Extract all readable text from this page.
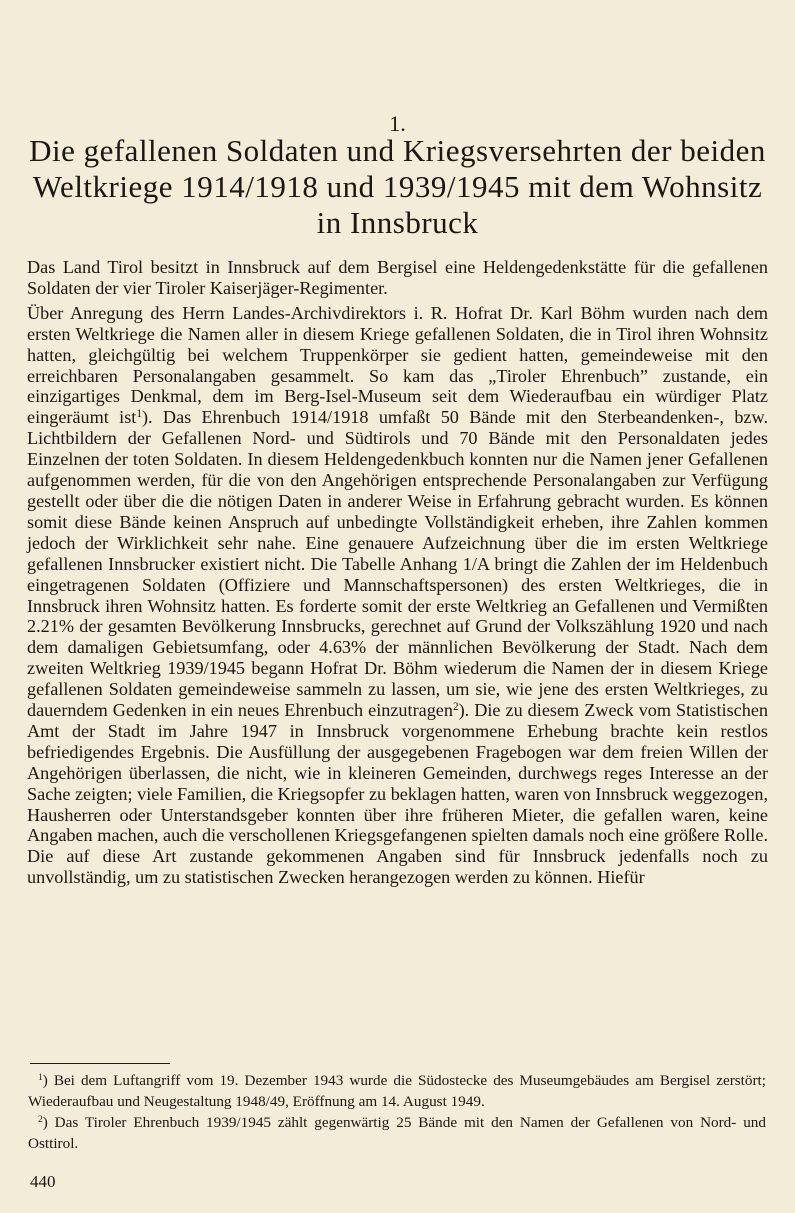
1.
Die gefallenen Soldaten und Kriegsversehrten der beiden Weltkriege 1914/1918 und 1939/1945 mit dem Wohnsitz in Innsbruck

Das Land Tirol besitzt in Innsbruck auf dem Bergisel eine Heldengedenkstätte für die gefallenen Soldaten der vier Tiroler Kaiserjäger-Regimenter.

Über Anregung des Herrn Landes-Archivdirektors i. R. Hofrat Dr. Karl Böhm wurden nach dem ersten Weltkriege die Namen aller in diesem Kriege gefallenen Soldaten, die in Tirol ihren Wohnsitz hatten, gleichgültig bei welchem Truppenkörper sie gedient hatten, gemeindeweise mit den erreichbaren Personalangaben gesammelt. So kam das „Tiroler Ehrenbuch” zustande, ein einzigartiges Denkmal, dem im Berg-Isel-Museum seit dem Wiederaufbau ein würdiger Platz eingeräumt ist$^1$). Das Ehrenbuch 1914/1918 umfaßt 50 Bände mit den Sterbeandenken-, bzw. Lichtbildern der Gefallenen Nord- und Südtirols und 70 Bände mit den Personaldaten jedes Einzelnen der toten Soldaten. In diesem Heldengedenkbuch konnten nur die Namen jener Gefallenen aufgenommen werden, für die von den Angehörigen entsprechende Personalangaben zur Verfügung gestellt oder über die die nötigen Daten in anderer Weise in Erfahrung gebracht wurden. Es können somit diese Bände keinen Anspruch auf unbedingte Vollständigkeit erheben, ihre Zahlen kommen jedoch der Wirklichkeit sehr nahe. Eine genauere Aufzeichnung über die im ersten Weltkriege gefallenen Innsbrucker existiert nicht. Die Tabelle Anhang 1/A bringt die Zahlen der im Heldenbuch eingetragenen Soldaten (Offiziere und Mannschaftspersonen) des ersten Weltkrieges, die in Innsbruck ihren Wohnsitz hatten. Es forderte somit der erste Weltkrieg an Gefallenen und Vermißten 2.21% der gesamten Bevölkerung Innsbrucks, gerechnet auf Grund der Volkszählung 1920 und nach dem damaligen Gebietsumfang, oder 4.63% der männlichen Bevölkerung der Stadt. Nach dem zweiten Weltkrieg 1939/1945 begann Hofrat Dr. Böhm wiederum die Namen der in diesem Kriege gefallenen Soldaten gemeindeweise sammeln zu lassen, um sie, wie jene des ersten Weltkrieges, zu dauerndem Gedenken in ein neues Ehrenbuch einzutragen$^2$). Die zu diesem Zweck vom Statistischen Amt der Stadt im Jahre 1947 in Innsbruck vorgenommene Erhebung brachte kein restlos befriedigendes Ergebnis. Die Ausfüllung der ausgegebenen Fragebogen war dem freien Willen der Angehörigen überlassen, die nicht, wie in kleineren Gemeinden, durchwegs reges Interesse an der Sache zeigten; viele Familien, die Kriegsopfer zu beklagen hatten, waren von Innsbruck weggezogen, Hausherren oder Unterstandsgeber konnten über ihre früheren Mieter, die gefallen waren, keine Angaben machen, auch die verschollenen Kriegsgefangenen spielten damals noch eine größere Rolle. Die auf diese Art zustande gekommenen Angaben sind für Innsbruck jedenfalls noch zu unvollständig, um zu statistischen Zwecken herangezogen werden zu können. Hiefür

$^1$) Bei dem Luftangriff vom 19. Dezember 1943 wurde die Südostecke des Museumgebäudes am Bergisel zerstört; Wiederaufbau und Neugestaltung 1948/49, Eröffnung am 14. August 1949.

$^2$) Das Tiroler Ehrenbuch 1939/1945 zählt gegenwärtig 25 Bände mit den Namen der Gefallenen von Nord- und Osttirol.

440
